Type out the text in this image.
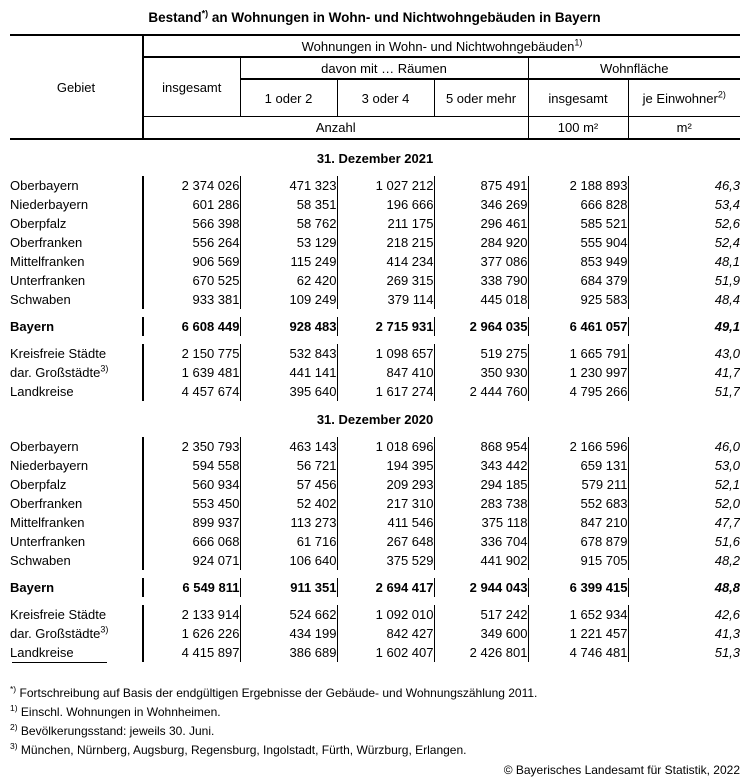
Bestand*) an Wohnungen in Wohn- und Nichtwohngebäuden in Bayern
Gebiet	Wohnungen in Wohn- und Nichtwohngebäuden$^{1)}$
	insgesamt	davon mit … Räumen			Wohnfläche	
		1 oder 2	3 oder 4	5 oder mehr	insgesamt	je Einwohner$^{2)}$
	Anzahl				100 m²	m²
31. Dezember 2021						
Oberbayern	2 374 026	471 323	1 027 212	875 491	2 188 893	46,3
Niederbayern	601 286	58 351	196 666	346 269	666 828	53,4
Oberpfalz	566 398	58 762	211 175	296 461	585 521	52,6
Oberfranken	556 264	53 129	218 215	284 920	555 904	52,4
Mittelfranken	906 569	115 249	414 234	377 086	853 949	48,1
Unterfranken	670 525	62 420	269 315	338 790	684 379	51,9
Schwaben	933 381	109 249	379 114	445 018	925 583	48,4

Bayern	6 608 449	928 483	2 715 931	2 964 035	6 461 057	49,1

Kreisfreie Städte	2 150 775	532 843	1 098 657	519 275	1 665 791	43,0
dar. Großstädte$^{3)}$	1 639 481	441 141	847 410	350 930	1 230 997	41,7
Landkreise	4 457 674	395 640	1 617 274	2 444 760	4 795 266	51,7
31. Dezember 2020						
Oberbayern	2 350 793	463 143	1 018 696	868 954	2 166 596	46,0
Niederbayern	594 558	56 721	194 395	343 442	659 131	53,0
Oberpfalz	560 934	57 456	209 293	294 185	579 211	52,1
Oberfranken	553 450	52 402	217 310	283 738	552 683	52,0
Mittelfranken	899 937	113 273	411 546	375 118	847 210	47,7
Unterfranken	666 068	61 716	267 648	336 704	678 879	51,6
Schwaben	924 071	106 640	375 529	441 902	915 705	48,2

Bayern	6 549 811	911 351	2 694 417	2 944 043	6 399 415	48,8

Kreisfreie Städte	2 133 914	524 662	1 092 010	517 242	1 652 934	42,6
dar. Großstädte$^{3)}$	1 626 226	434 199	842 427	349 600	1 221 457	41,3
Landkreise	4 415 897	386 689	1 602 407	2 426 801	4 746 481	51,3

*) Fortschreibung auf Basis der endgültigen Ergebnisse der Gebäude- und Wohnungszählung 2011.
$^{1)}$ Einschl. Wohnungen in Wohnheimen.
$^{2)}$ Bevölkerungsstand: jeweils 30. Juni.
$^{3)}$ München, Nürnberg, Augsburg, Regensburg, Ingolstadt, Fürth, Würzburg, Erlangen.
© Bayerisches Landesamt für Statistik, 2022
